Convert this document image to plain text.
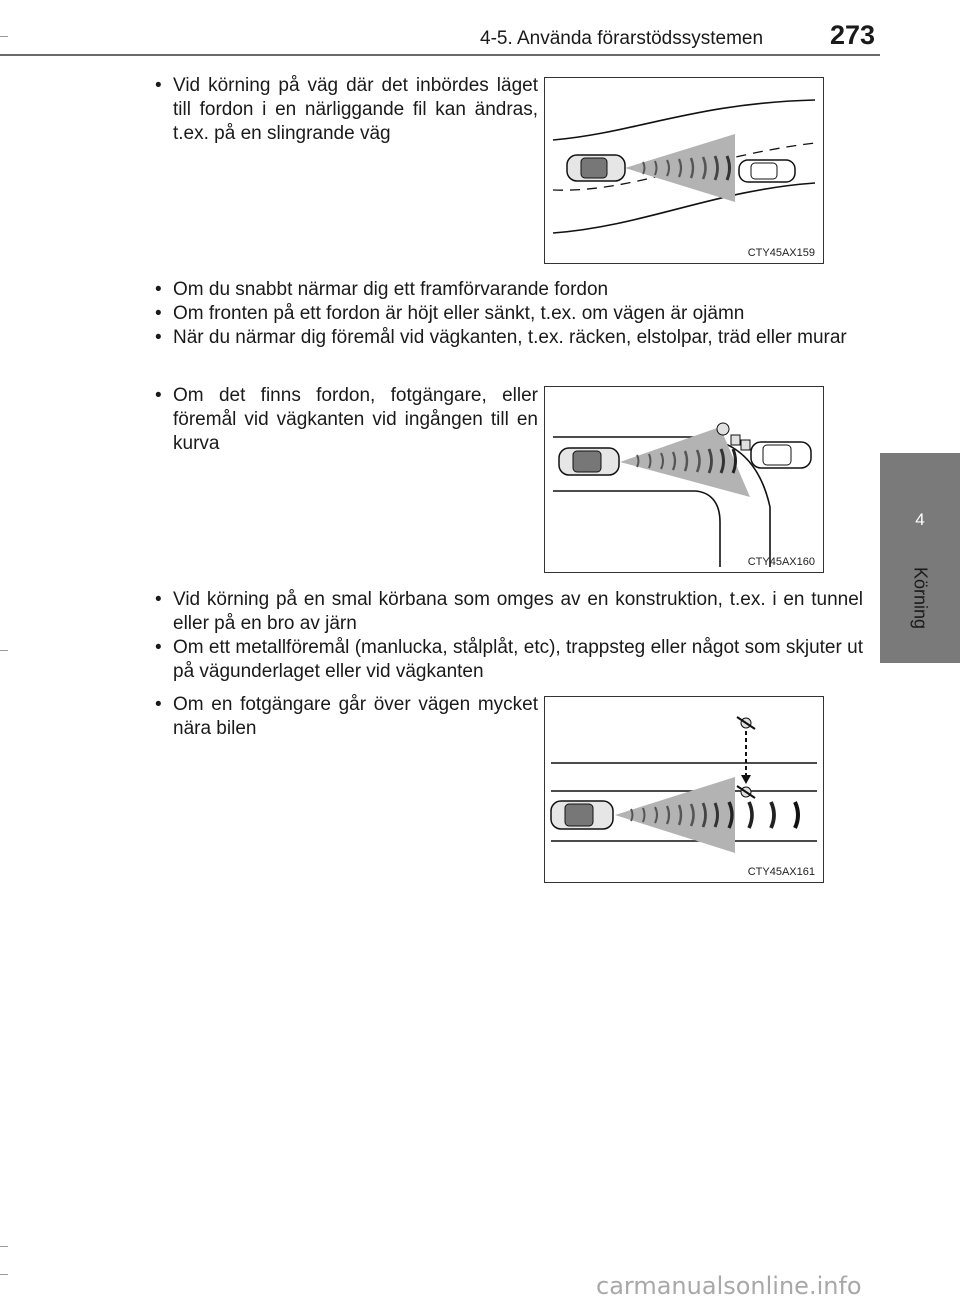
4-5. Använda förarstödssystemen 273
4
Körning
• Vid körning på väg där det inbördes läget till fordon i en närliggande fil kan ändras, t.ex. på en slingrande väg
CTY45AX159
• Om du snabbt närmar dig ett framförvarande fordon
• Om fronten på ett fordon är höjt eller sänkt, t.ex. om vägen är ojämn
• När du närmar dig föremål vid vägkanten, t.ex. räcken, elstolpar, träd eller murar
• Om det finns fordon, fotgängare, eller föremål vid vägkanten vid ingången till en kurva
CTY45AX160
• Vid körning på en smal körbana som omges av en konstruktion, t.ex. i en tunnel eller på en bro av järn
• Om ett metallföremål (manlucka, stålplåt, etc), trappsteg eller något som skjuter ut på vägunderlaget eller vid vägkanten
• Om en fotgängare går över vägen mycket nära bilen
CTY45AX161
carmanualsonline.info
